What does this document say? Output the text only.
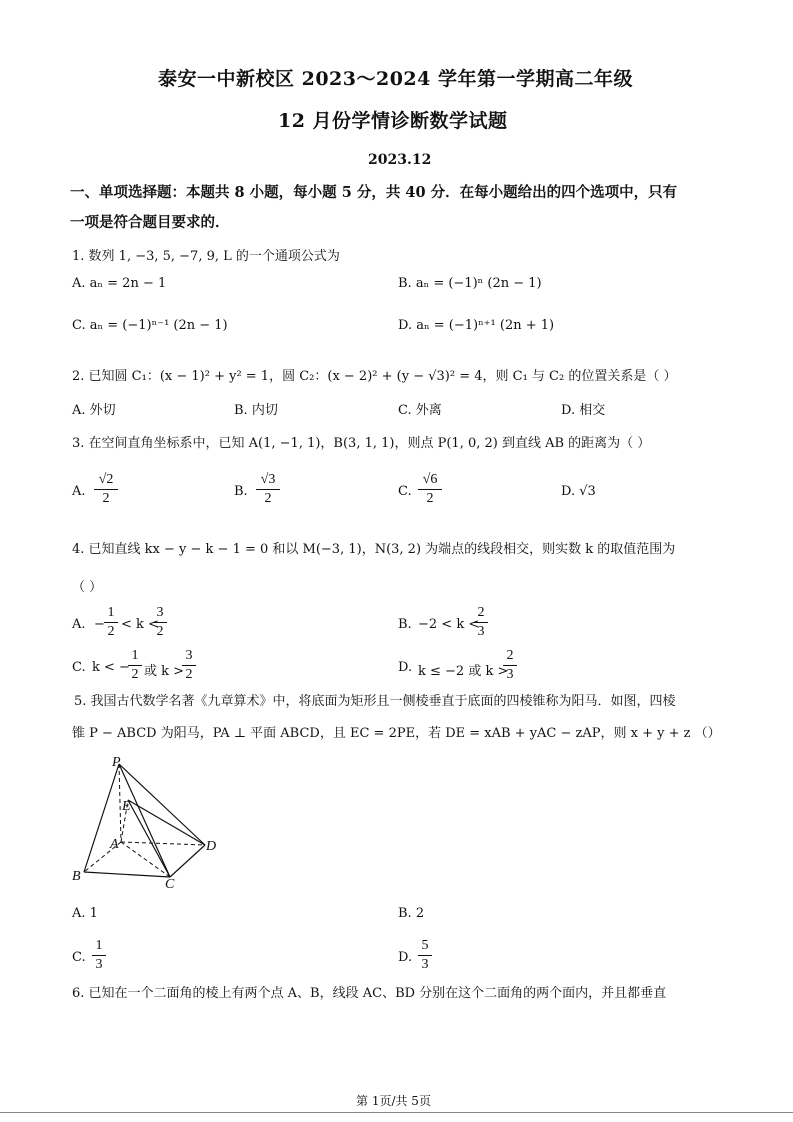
泰安一中新校区 2023～2024 学年第一学期高二年级
12 月份学情诊断数学试题
2023.12
一、单项选择题：本题共 8 小题，每小题 5 分，共 40 分．在每小题给出的四个选项中，只有
一项是符合题目要求的．
1. 数列 1, −3, 5, −7, 9, L 的一个通项公式为
A. aₙ = 2n − 1	B. aₙ = (−1)ⁿ (2n − 1)
C. aₙ = (−1)ⁿ⁻¹ (2n − 1)	D. aₙ = (−1)ⁿ⁺¹ (2n + 1)
2. 已知圆 C₁：(x − 1)² + y² = 1，圆 C₂：(x − 2)² + (y − √3)² = 4，则 C₁ 与 C₂ 的位置关系是（ ）
A. 外切	B. 内切	C. 外离	D. 相交
3. 在空间直角坐标系中，已知 A(1, −1, 1)，B(3, 1, 1)，则点 P(1, 0, 2) 到直线 AB 的距离为（ ）
A.
√2
2	B.
√3
2	C.
√6
2	D. √3
4. 已知直线 kx − y − k − 1 = 0 和以 M(−3, 1)，N(3, 2) 为端点的线段相交，则实数 k 的取值范围为
（ ）
A. −
1
2 < k <
3
2	B. −2 < k <
2
3
C. k < −
1
2 或 k >
3
2	D. k ≤ −2 或 k >
2
3
5. 我国古代数学名著《九章算术》中，将底面为矩形且一侧棱垂直于底面的四棱锥称为阳马．如图，四棱
锥 P − ABCD 为阳马，PA ⊥ 平面 ABCD，且 EC = 2PE，若 DE = xAB + yAC − zAP，则 x + y + z （）
P
E
A
B
C
D
A. 1	B. 2
C.
1
3	D.
5
3
6. 已知在一个二面角的棱上有两个点 A、B，线段 AC、BD 分别在这个二面角的两个面内，并且都垂直
第 1页/共 5页
